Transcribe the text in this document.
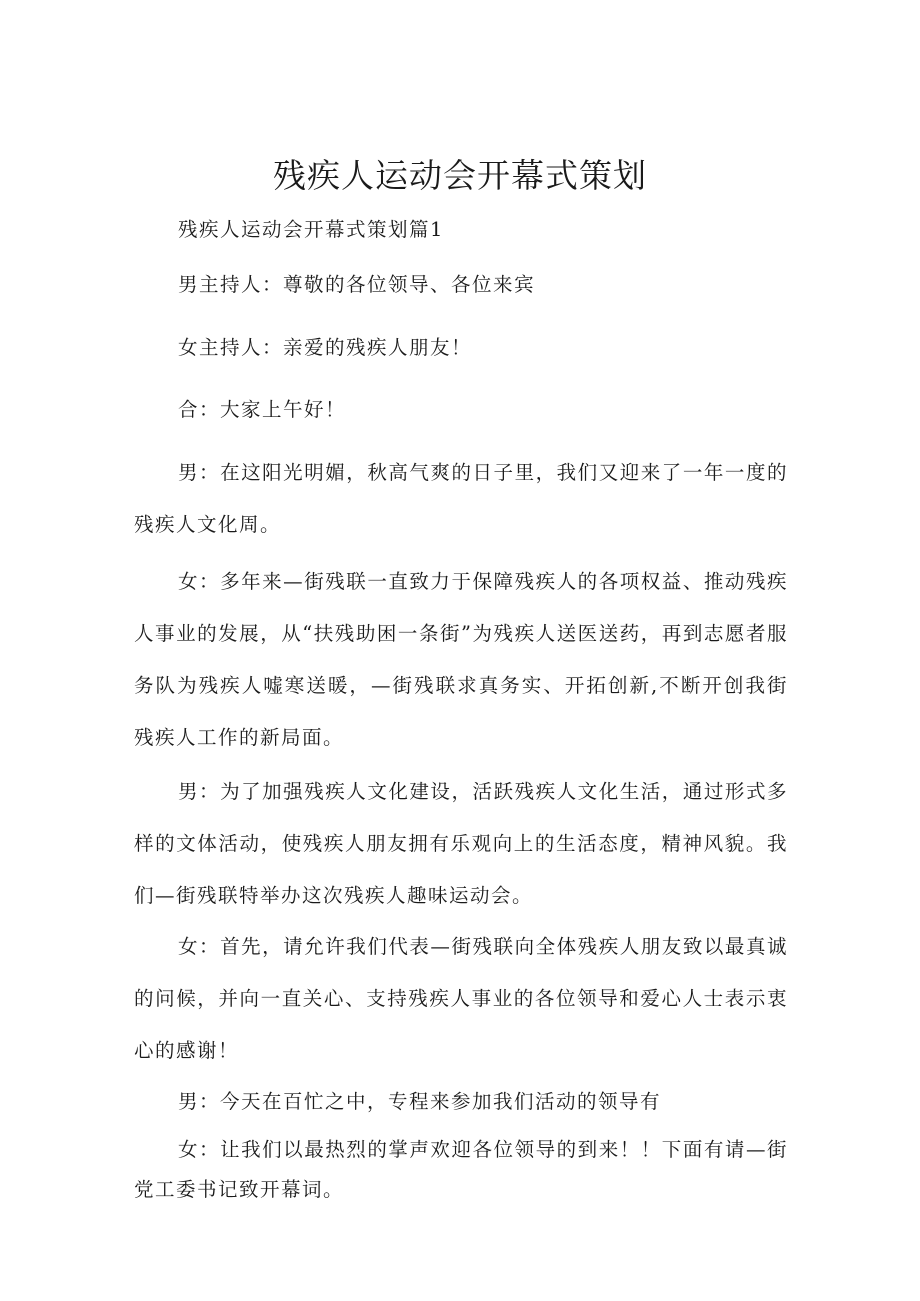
残疾人运动会开幕式策划

残疾人运动会开幕式策划篇1

男主持人：尊敬的各位领导、各位来宾

女主持人：亲爱的残疾人朋友！

合：大家上午好！

男：在这阳光明媚，秋高气爽的日子里，我们又迎来了一年一度的残疾人文化周。

女：多年来—街残联一直致力于保障残疾人的各项权益、推动残疾人事业的发展，从“扶残助困一条街”为残疾人送医送药，再到志愿者服务队为残疾人嘘寒送暖，—街残联求真务实、开拓创新,不断开创我街残疾人工作的新局面。

男：为了加强残疾人文化建设，活跃残疾人文化生活，通过形式多样的文体活动，使残疾人朋友拥有乐观向上的生活态度，精神风貌。我们—街残联特举办这次残疾人趣味运动会。

女：首先，请允许我们代表—街残联向全体残疾人朋友致以最真诚的问候，并向一直关心、支持残疾人事业的各位领导和爱心人士表示衷心的感谢！

男：今天在百忙之中，专程来参加我们活动的领导有

女：让我们以最热烈的掌声欢迎各位领导的到来！！下面有请—街党工委书记致开幕词。
